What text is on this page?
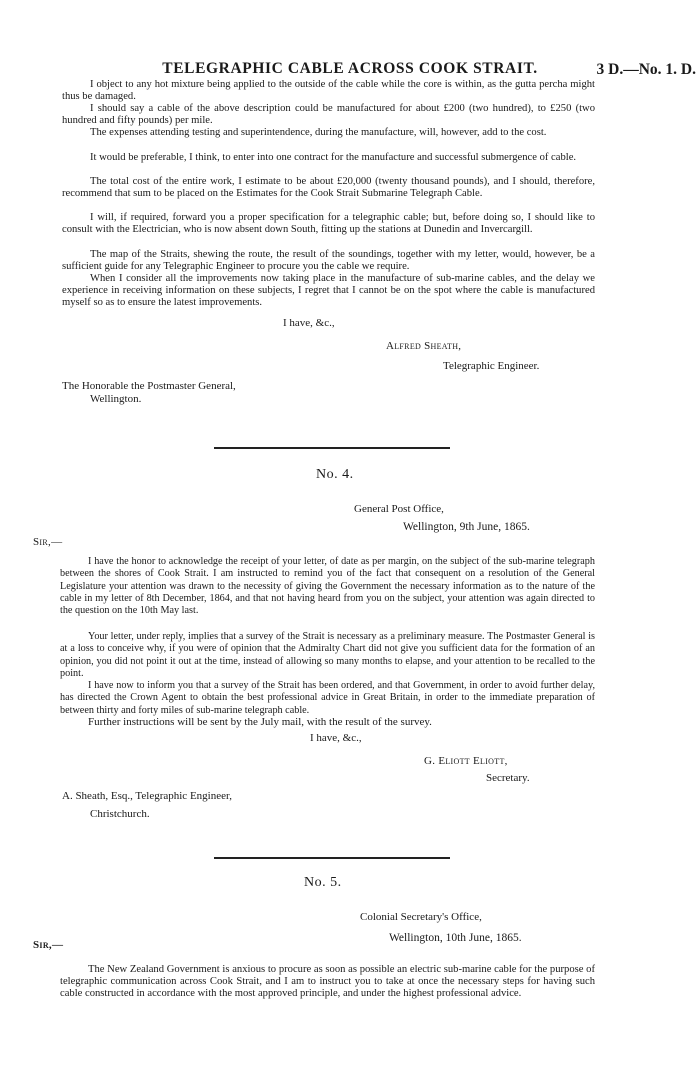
TELEGRAPHIC CABLE ACROSS COOK STRAIT.	3 D.—No. 1. D.
I object to any hot mixture being applied to the outside of the cable while the core is within, as the gutta percha might thus be damaged.
I should say a cable of the above description could be manufactured for about £200 (two hundred), to £250 (two hundred and fifty pounds) per mile.
The expenses attending testing and superintendence, during the manufacture, will, however, add to the cost.
It would be preferable, I think, to enter into one contract for the manufacture and successful submergence of cable.
The total cost of the entire work, I estimate to be about £20,000 (twenty thousand pounds), and I should, therefore, recommend that sum to be placed on the Estimates for the Cook Strait Submarine Telegraph Cable.
I will, if required, forward you a proper specification for a telegraphic cable; but, before doing so, I should like to consult with the Electrician, who is now absent down South, fitting up the stations at Dunedin and Invercargill.
The map of the Straits, shewing the route, the result of the soundings, together with my letter, would, however, be a sufficient guide for any Telegraphic Engineer to procure you the cable we require.
When I consider all the improvements now taking place in the manufacture of sub-marine cables, and the delay we experience in receiving information on these subjects, I regret that I cannot be on the spot where the cable is manufactured myself so as to ensure the latest improvements.
I have, &c.,
Alfred Sheath,
Telegraphic Engineer.
The Honorable the Postmaster General,
Wellington.
No. 4.
General Post Office,
Wellington, 9th June, 1865.
Sir,—
I have the honor to acknowledge the receipt of your letter, of date as per margin, on the subject of the sub-marine telegraph between the shores of Cook Strait. I am instructed to remind you of the fact that consequent on a resolution of the General Legislature your attention was drawn to the necessity of giving the Government the necessary information as to the nature of the cable in my letter of 8th December, 1864, and that not having heard from you on the subject, your attention was again directed to the question on the 10th May last.
Your letter, under reply, implies that a survey of the Strait is necessary as a preliminary measure. The Postmaster General is at a loss to conceive why, if you were of opinion that the Admiralty Chart did not give you sufficient data for the formation of an opinion, you did not point it out at the time, instead of allowing so many months to elapse, and your attention to be recalled to the point.
I have now to inform you that a survey of the Strait has been ordered, and that Government, in order to avoid further delay, has directed the Crown Agent to obtain the best professional advice in Great Britain, in order to the immediate preparation of between thirty and forty miles of sub-marine telegraph cable.
Further instructions will be sent by the July mail, with the result of the survey.
I have, &c.,
G. Eliott Eliott,
Secretary.
A. Sheath, Esq., Telegraphic Engineer,
Christchurch.
No. 5.
Colonial Secretary's Office,
Wellington, 10th June, 1865.
Sir,—
The New Zealand Government is anxious to procure as soon as possible an electric sub-marine cable for the purpose of telegraphic communication across Cook Strait, and I am to instruct you to take at once the necessary steps for having such cable constructed in accordance with the most approved principle, and under the highest professional advice.
